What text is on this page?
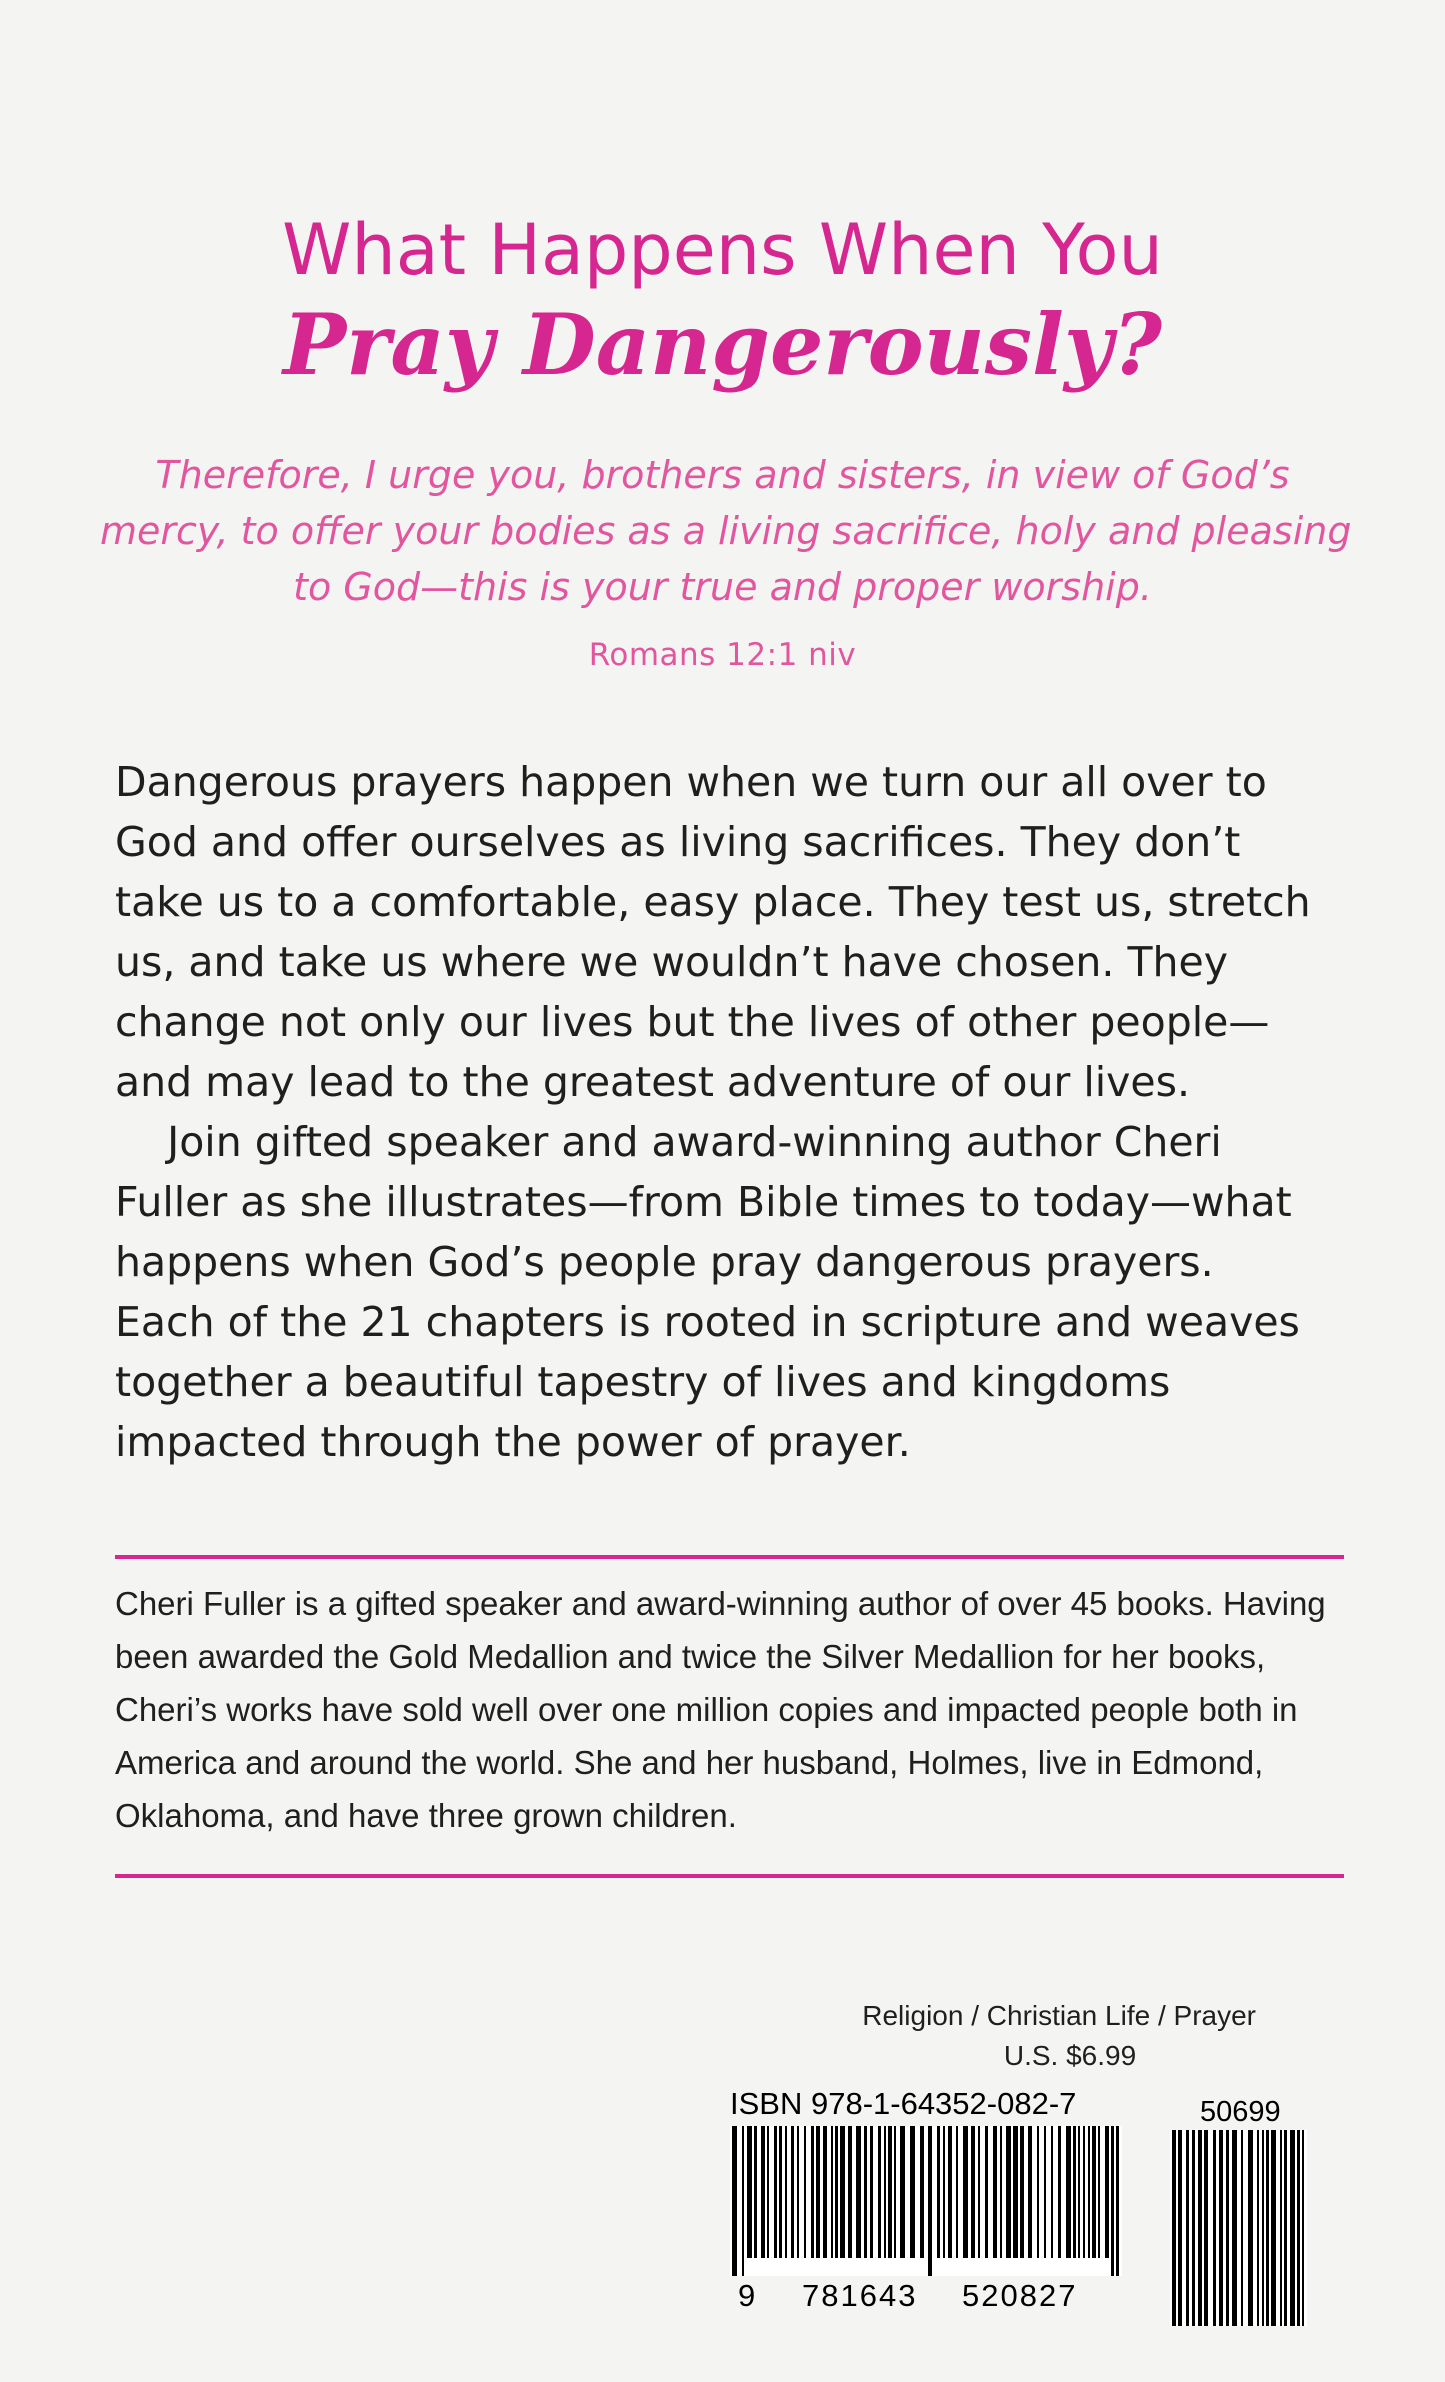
What Happens When You
Pray Dangerously?
Therefore, I urge you, brothers and sisters, in view of God’s
mercy, to offer your bodies as a living sacrifice, holy and pleasing
to God—this is your true and proper worship.
Romans 12:1 niv
Dangerous prayers happen when we turn our all over to
God and offer ourselves as living sacrifices. They don’t
take us to a comfortable, easy place. They test us, stretch
us, and take us where we wouldn’t have chosen. They
change not only our lives but the lives of other people—
and may lead to the greatest adventure of our lives.
Join gifted speaker and award-winning author Cheri
Fuller as she illustrates—from Bible times to today—what
happens when God’s people pray dangerous prayers.
Each of the 21 chapters is rooted in scripture and weaves
together a beautiful tapestry of lives and kingdoms
impacted through the power of prayer.
Cheri Fuller is a gifted speaker and award-winning author of over 45 books. Having
been awarded the Gold Medallion and twice the Silver Medallion for her books,
Cheri’s works have sold well over one million copies and impacted people both in
America and around the world. She and her husband, Holmes, live in Edmond,
Oklahoma, and have three grown children.
Religion / Christian Life / Prayer
U.S. $6.99
ISBN 978-1-64352-082-7	50699
9 781643 520827
